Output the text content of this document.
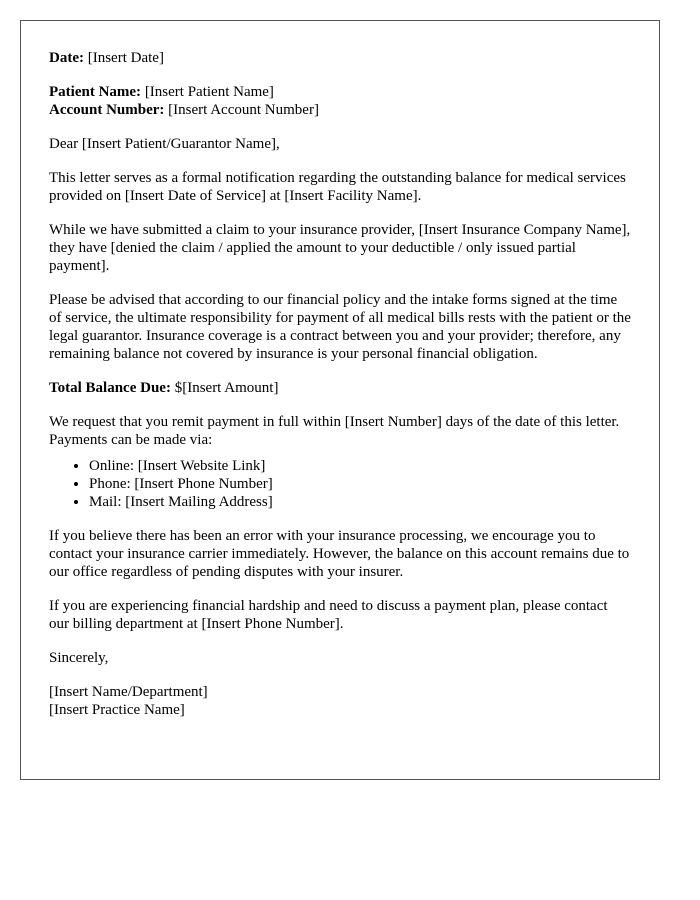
Date: [Insert Date]

Patient Name: [Insert Patient Name]

Account Number: [Insert Account Number]

Dear [Insert Patient/Guarantor Name],

This letter serves as a formal notification regarding the outstanding balance for medical services provided on [Insert Date of Service] at [Insert Facility Name].

While we have submitted a claim to your insurance provider, [Insert Insurance Company Name], they have [denied the claim / applied the amount to your deductible / only issued partial payment].

Please be advised that according to our financial policy and the intake forms signed at the time of service, the ultimate responsibility for payment of all medical bills rests with the patient or the legal guarantor. Insurance coverage is a contract between you and your provider; therefore, any remaining balance not covered by insurance is your personal financial obligation.

Total Balance Due: $[Insert Amount]

We request that you remit payment in full within [Insert Number] days of the date of this letter. Payments can be made via:

• Online: [Insert Website Link]
• Phone: [Insert Phone Number]
• Mail: [Insert Mailing Address]

If you believe there has been an error with your insurance processing, we encourage you to contact your insurance carrier immediately. However, the balance on this account remains due to our office regardless of pending disputes with your insurer.

If you are experiencing financial hardship and need to discuss a payment plan, please contact our billing department at [Insert Phone Number].

Sincerely,

[Insert Name/Department]

[Insert Practice Name]
